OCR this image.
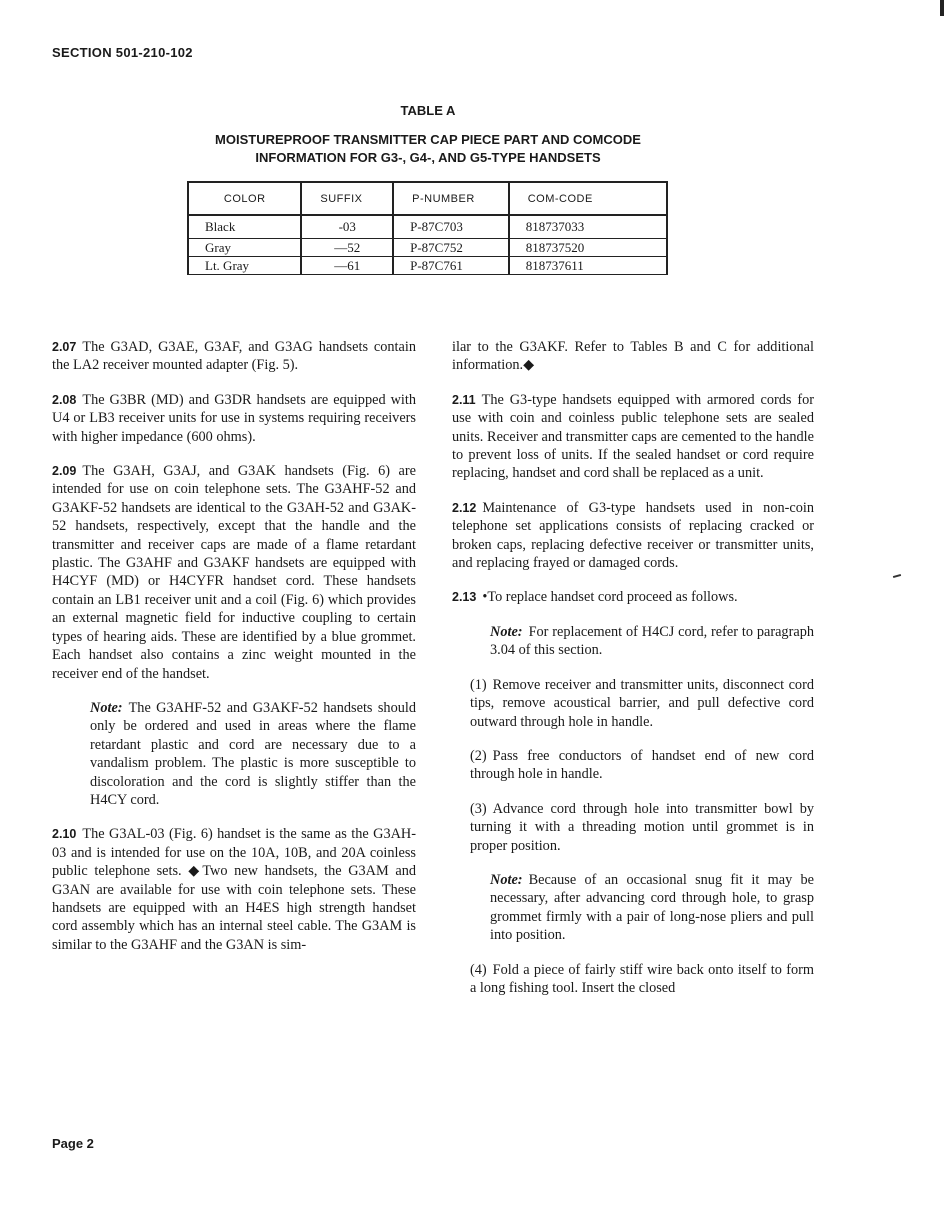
SECTION 501-210-102
TABLE A
MOISTUREPROOF TRANSMITTER CAP PIECE PART AND COMCODE
INFORMATION FOR G3-, G4-, AND G5-TYPE HANDSETS
COLOR	SUFFIX	P-NUMBER	COM-CODE
Black	-03	P-87C703	818737033
Gray	—52	P-87C752	818737520
Lt. Gray	—61	P-87C761	818737611

2.07 The G3AD, G3AE, G3AF, and G3AG handsets contain the LA2 receiver mounted adapter (Fig. 5).

2.08 The G3BR (MD) and G3DR handsets are equipped with U4 or LB3 receiver units for use in systems requiring receivers with higher impedance (600 ohms).

2.09 The G3AH, G3AJ, and G3AK handsets (Fig. 6) are intended for use on coin telephone sets. The G3AHF-52 and G3AKF-52 handsets are identical to the G3AH-52 and G3AK-52 handsets, respectively, except that the handle and the transmitter and receiver caps are made of a flame retardant plastic. The G3AHF and G3AKF handsets are equipped with H4CYF (MD) or H4CYFR handset cord. These handsets contain an LB1 receiver unit and a coil (Fig. 6) which provides an external magnetic field for inductive coupling to certain types of hearing aids. These are identified by a blue grommet. Each handset also contains a zinc weight mounted in the receiver end of the handset.

Note: The G3AHF-52 and G3AKF-52 handsets should only be ordered and used in areas where the flame retardant plastic and cord are necessary due to a vandalism problem. The plastic is more susceptible to discoloration and the cord is slightly stiffer than the H4CY cord.

2.10 The G3AL-03 (Fig. 6) handset is the same as the G3AH-03 and is intended for use on the 10A, 10B, and 20A coinless public telephone sets. ◆Two new handsets, the G3AM and G3AN are available for use with coin telephone sets. These handsets are equipped with an H4ES high strength handset cord assembly which has an internal steel cable. The G3AM is similar to the G3AHF and the G3AN is sim-

ilar to the G3AKF. Refer to Tables B and C for additional information.◆

2.11 The G3-type handsets equipped with armored cords for use with coin and coinless public telephone sets are sealed units. Receiver and transmitter caps are cemented to the handle to prevent loss of units. If the sealed handset or cord require replacing, handset and cord shall be replaced as a unit.

2.12 Maintenance of G3-type handsets used in non-coin telephone set applications consists of replacing cracked or broken caps, replacing defective receiver or transmitter units, and replacing frayed or damaged cords.

2.13 •To replace handset cord proceed as follows.

Note: For replacement of H4CJ cord, refer to paragraph 3.04 of this section.

(1) Remove receiver and transmitter units, disconnect cord tips, remove acoustical barrier, and pull defective cord outward through hole in handle.

(2) Pass free conductors of handset end of new cord through hole in handle.

(3) Advance cord through hole into transmitter bowl by turning it with a threading motion until grommet is in proper position.

Note: Because of an occasional snug fit it may be necessary, after advancing cord through hole, to grasp grommet firmly with a pair of long-nose pliers and pull into position.

(4) Fold a piece of fairly stiff wire back onto itself to form a long fishing tool. Insert the closed

Page 2
